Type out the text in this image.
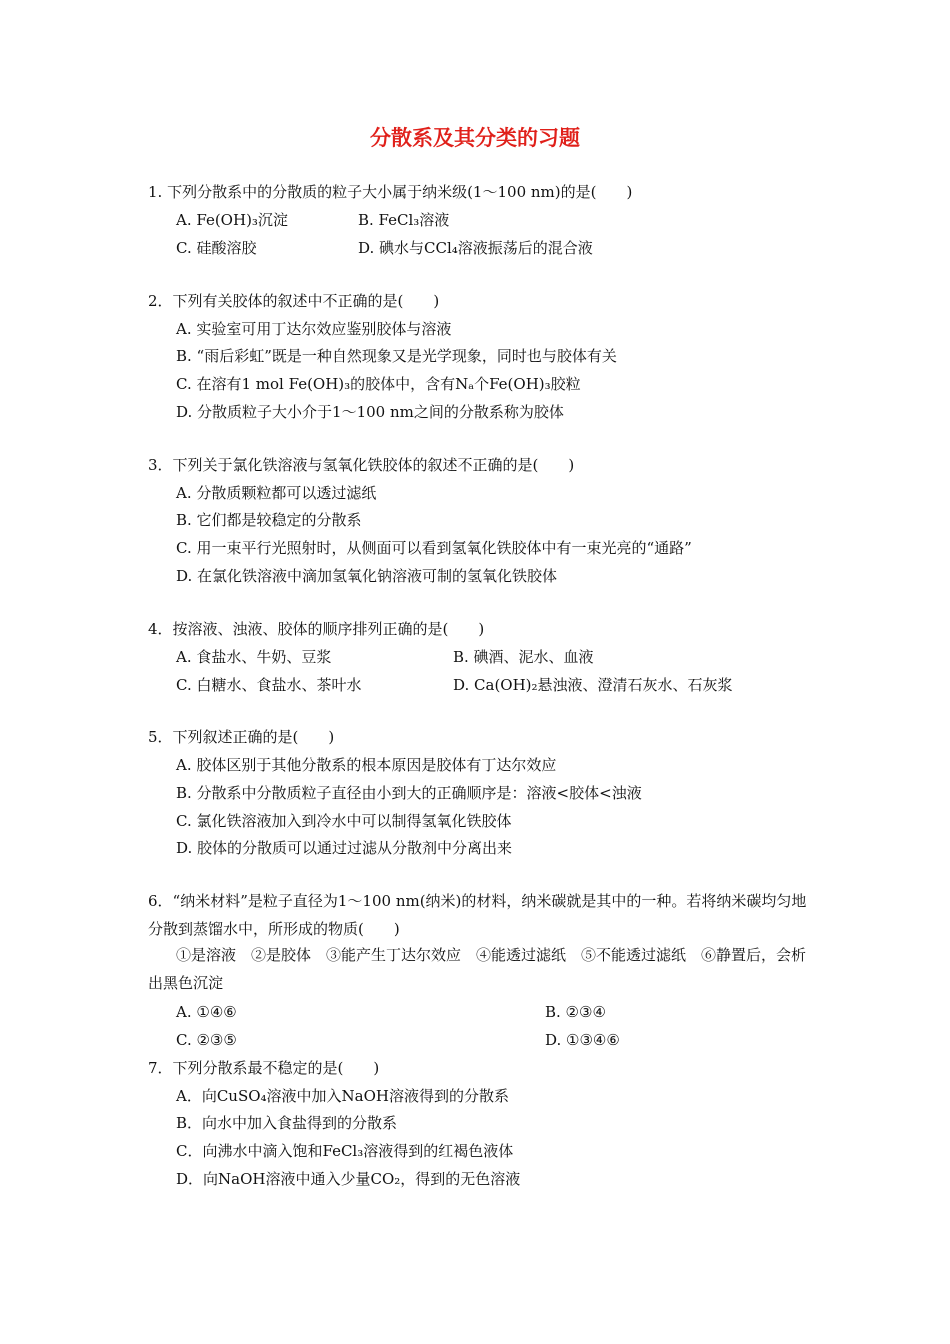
分散系及其分类的习题
1. 下列分散系中的分散质的粒子大小属于纳米级(1～100 nm)的是(　　)
A. Fe(OH)₃沉淀	B. FeCl₃溶液
C. 硅酸溶胶	D. 碘水与CCl₄溶液振荡后的混合液
2．下列有关胶体的叙述中不正确的是(　　)
A. 实验室可用丁达尔效应鉴别胶体与溶液
B. “雨后彩虹”既是一种自然现象又是光学现象，同时也与胶体有关
C. 在溶有1 mol Fe(OH)₃的胶体中，含有Nₐ个Fe(OH)₃胶粒
D. 分散质粒子大小介于1～100 nm之间的分散系称为胶体
3．下列关于氯化铁溶液与氢氧化铁胶体的叙述不正确的是(　　)
A. 分散质颗粒都可以透过滤纸
B. 它们都是较稳定的分散系
C. 用一束平行光照射时，从侧面可以看到氢氧化铁胶体中有一束光亮的“通路”
D. 在氯化铁溶液中滴加氢氧化钠溶液可制的氢氧化铁胶体
4．按溶液、浊液、胶体的顺序排列正确的是(　　)
A. 食盐水、牛奶、豆浆	B. 碘酒、泥水、血液
C. 白糖水、食盐水、茶叶水	D. Ca(OH)₂悬浊液、澄清石灰水、石灰浆
5．下列叙述正确的是(　　)
A. 胶体区别于其他分散系的根本原因是胶体有丁达尔效应
B. 分散系中分散质粒子直径由小到大的正确顺序是：溶液<胶体<浊液
C. 氯化铁溶液加入到冷水中可以制得氢氧化铁胶体
D. 胶体的分散质可以通过过滤从分散剂中分离出来
6．“纳米材料”是粒子直径为1～100 nm(纳米)的材料，纳米碳就是其中的一种。若将纳米碳均匀地分散到蒸馏水中，所形成的物质(　　)
①是溶液　②是胶体　③能产生丁达尔效应　④能透过滤纸　⑤不能透过滤纸　⑥静置后，会析出黑色沉淀
A. ①④⑥	B. ②③④
C. ②③⑤	D. ①③④⑥
7．下列分散系最不稳定的是(　　)
A．向CuSO₄溶液中加入NaOH溶液得到的分散系
B．向水中加入食盐得到的分散系
C．向沸水中滴入饱和FeCl₃溶液得到的红褐色液体
D．向NaOH溶液中通入少量CO₂，得到的无色溶液
